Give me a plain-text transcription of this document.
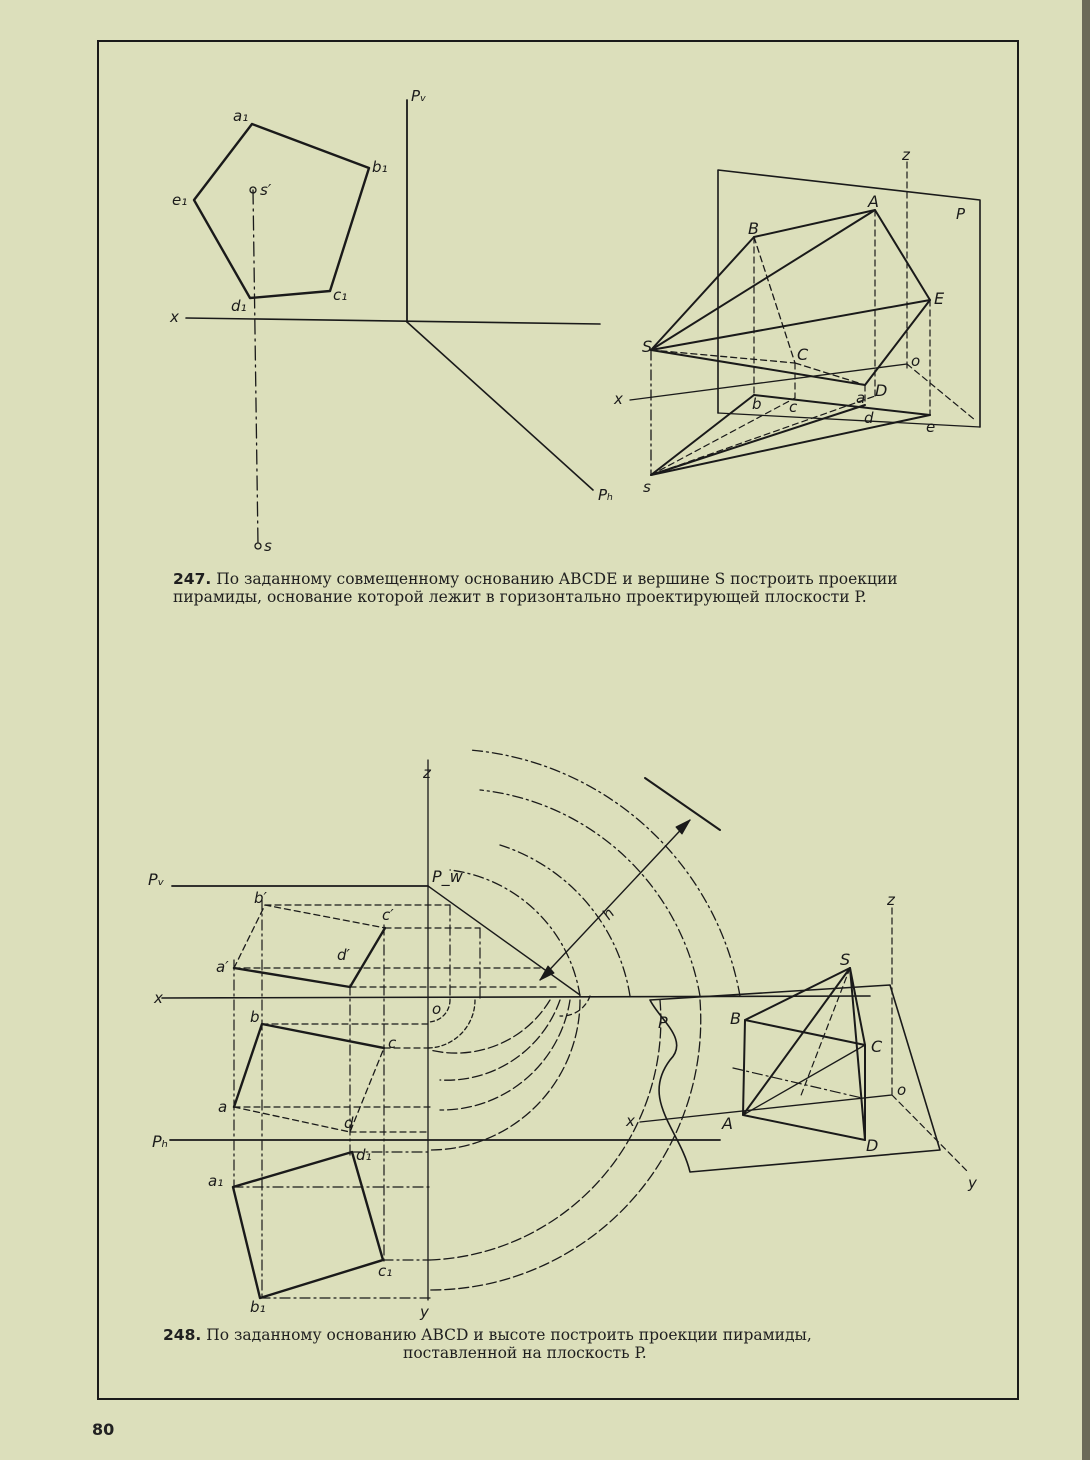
a₁
b₁
c₁
d₁
e₁
s′
s
x
Pᵥ
Pₕ
z
P
A
B
C
D
E
S
o
x	a
b c
d	e
s
h
z
Pᵥ	P_w
b′
c′
a′
d′
x
o
b
c
a
d
Pₕ
d₁
a₁
b₁
c₁
y
z
S
P	B
C
o
x	A
D
y
247. По заданному совмещенному основанию ABCDE и вершине S построить проекции
пирамиды, основание которой лежит в горизонтально проектирующей плоскости P.
248. По заданному основанию ABCD и высоте построить проекции пирамиды,
поставленной на плоскость P.
80
